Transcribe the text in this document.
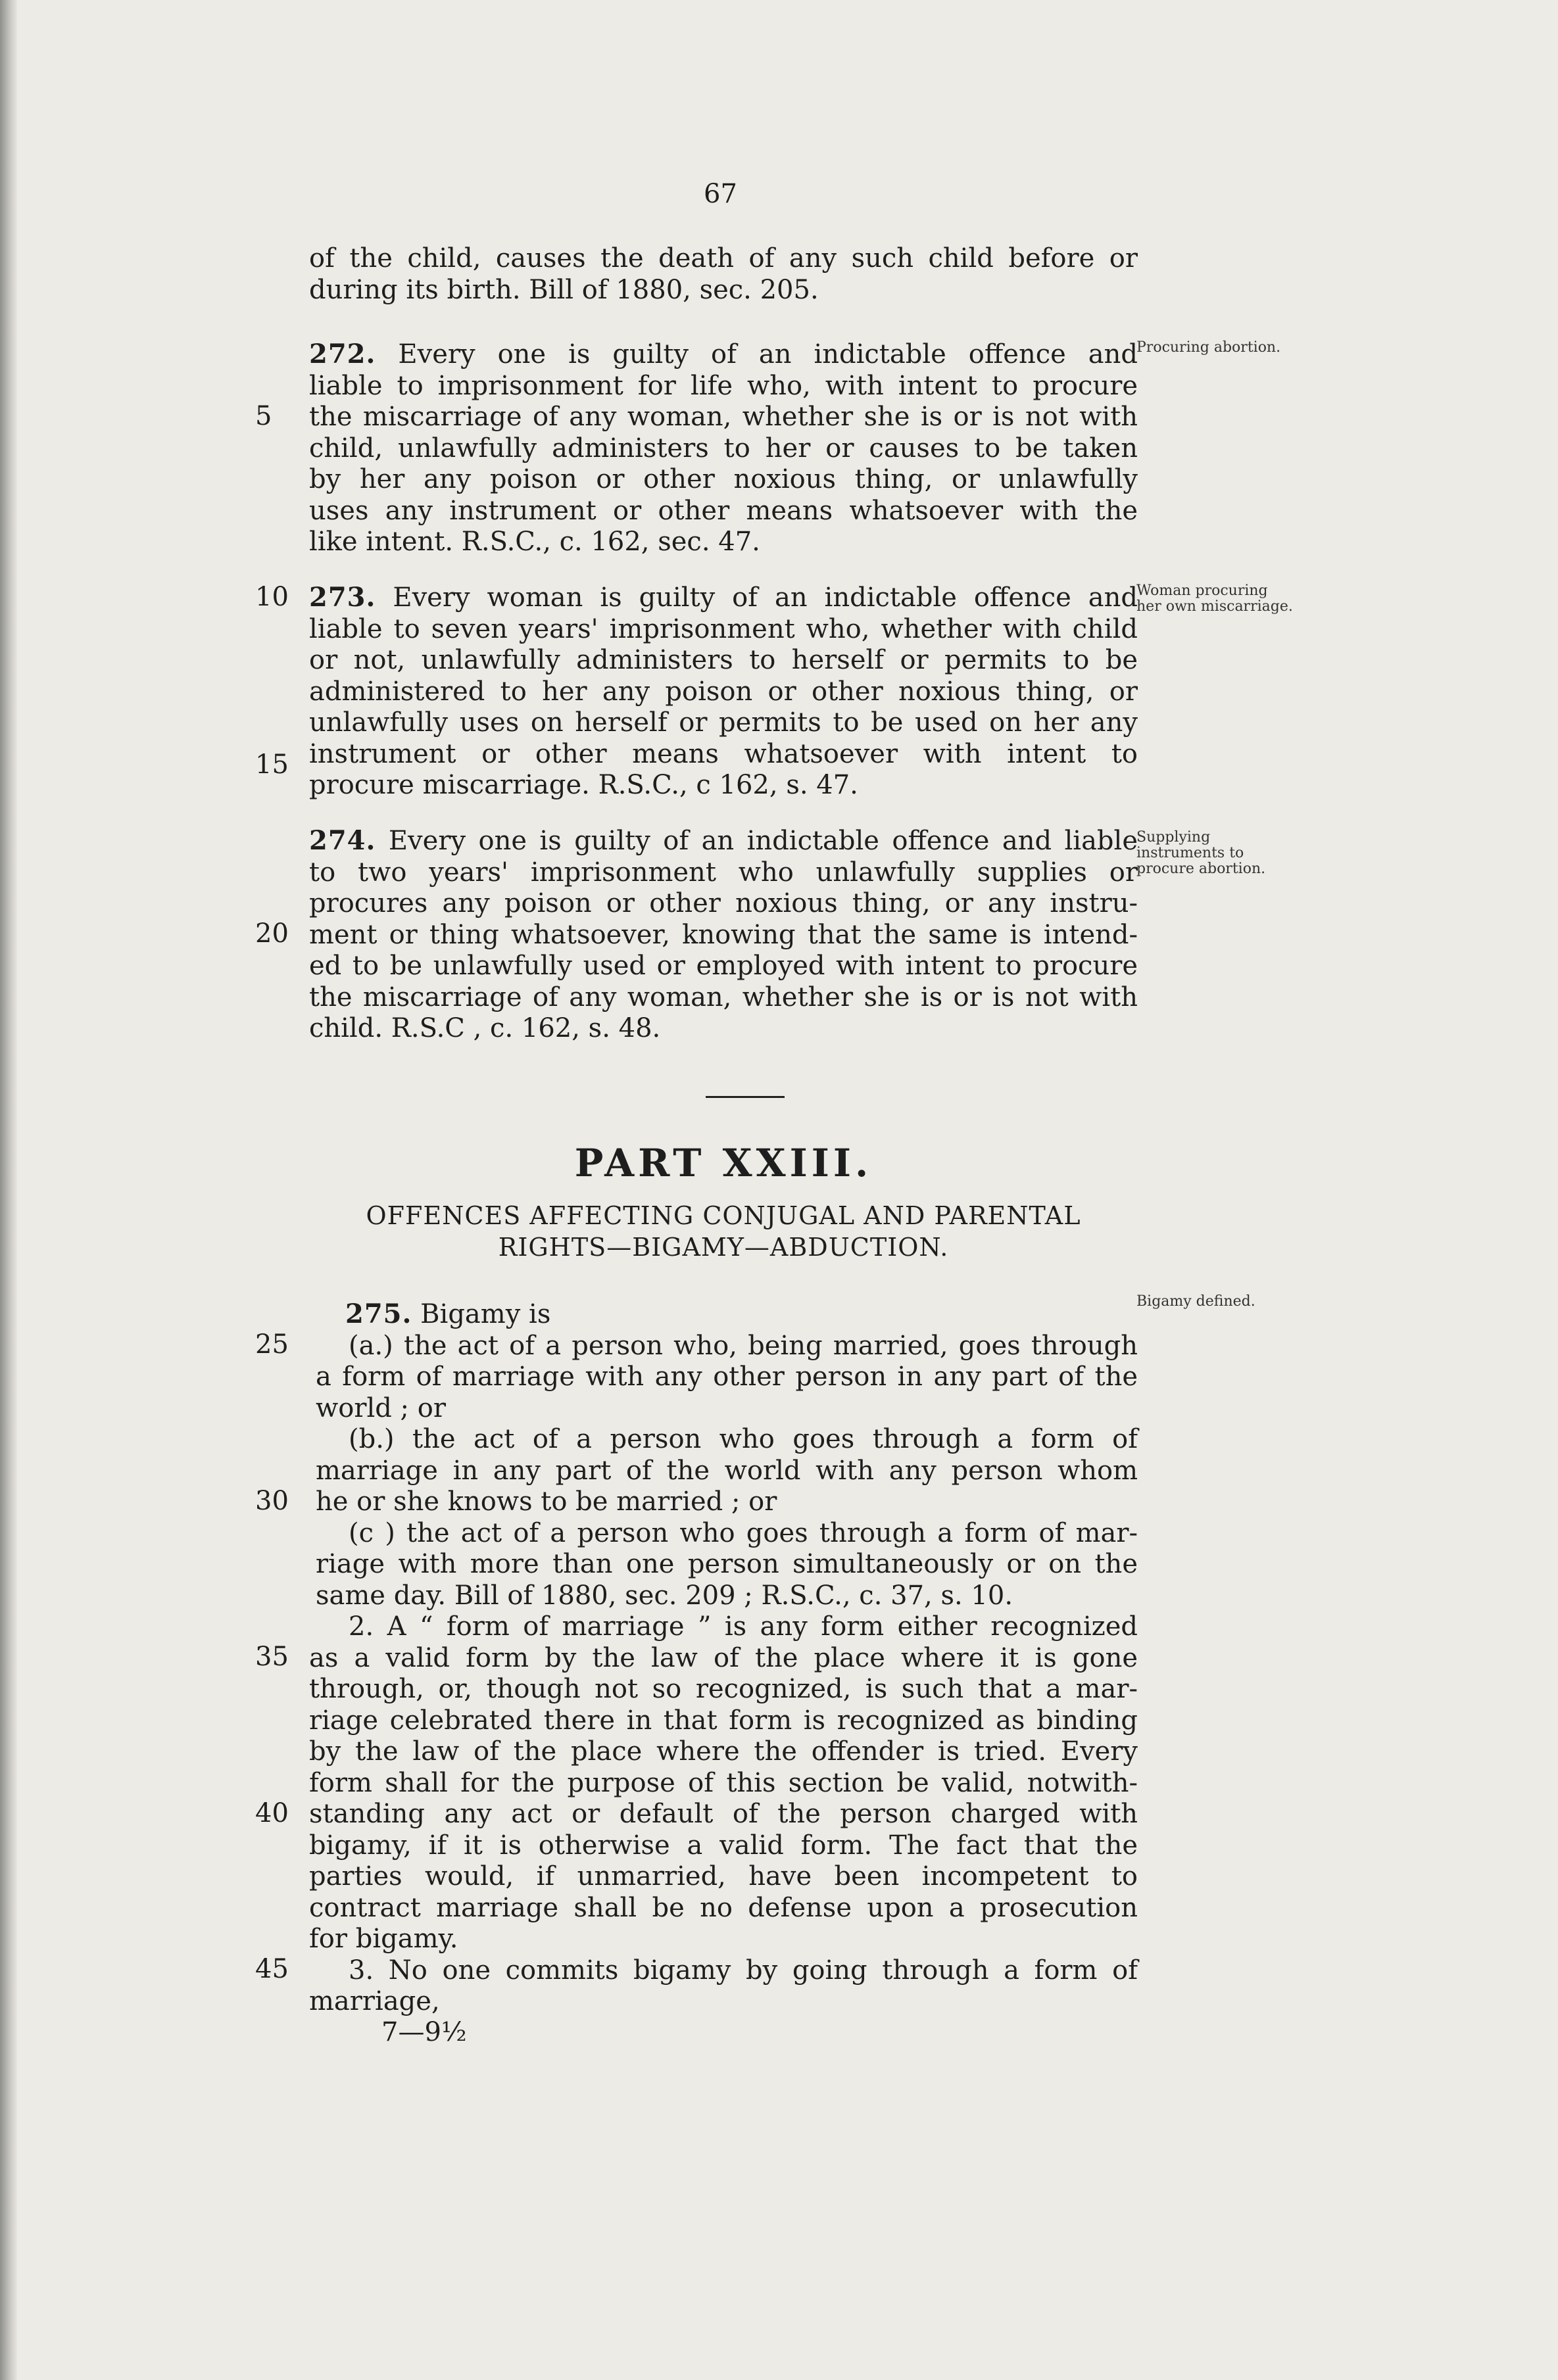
67
of the child, causes the death of any such child before or
during its birth. Bill of 1880, sec. 205.
272. Every one is guilty of an indictable offence and
liable to imprisonment for life who, with intent to procure
the miscarriage of any woman, whether she is or is not with
child, unlawfully administers to her or causes to be taken
by her any poison or other noxious thing, or unlawfully
uses any instrument or other means whatsoever with the
like intent. R.S.C., c. 162, sec. 47.
Procuring abortion.
273. Every woman is guilty of an indictable offence and
liable to seven years' imprisonment who, whether with child
or not, unlawfully administers to herself or permits to be
administered to her any poison or other noxious thing, or
unlawfully uses on herself or permits to be used on her any
instrument or other means whatsoever with intent to
procure miscarriage. R.S.C., c 162, s. 47.
Woman procuring her own miscarriage.
274. Every one is guilty of an indictable offence and liable
to two years' imprisonment who unlawfully supplies or
procures any poison or other noxious thing, or any instru-
ment or thing whatsoever, knowing that the same is intend-
ed to be unlawfully used or employed with intent to procure
the miscarriage of any woman, whether she is or is not with
child. R.S.C , c. 162, s. 48.
Supplying instruments to procure abortion.
PART XXIII.
OFFENCES AFFECTING CONJUGAL AND PARENTAL
RIGHTS—BIGAMY—ABDUCTION.
275. Bigamy is
(a.) the act of a person who, being married, goes through
a form of marriage with any other person in any part of the
world ; or
(b.) the act of a person who goes through a form of
marriage in any part of the world with any person whom
he or she knows to be married ; or
(c ) the act of a person who goes through a form of mar-
riage with more than one person simultaneously or on the
same day. Bill of 1880, sec. 209 ; R.S.C., c. 37, s. 10.
2. A “ form of marriage ” is any form either recognized
as a valid form by the law of the place where it is gone
through, or, though not so recognized, is such that a mar-
riage celebrated there in that form is recognized as binding
by the law of the place where the offender is tried. Every
form shall for the purpose of this section be valid, notwith-
standing any act or default of the person charged with
bigamy, if it is otherwise a valid form. The fact that the
parties would, if unmarried, have been incompetent to
contract marriage shall be no defense upon a prosecution
for bigamy.
3. No one commits bigamy by going through a form of
marriage,
Bigamy defined.
5
10
15
20
25
30
35
40
45
7—9½
